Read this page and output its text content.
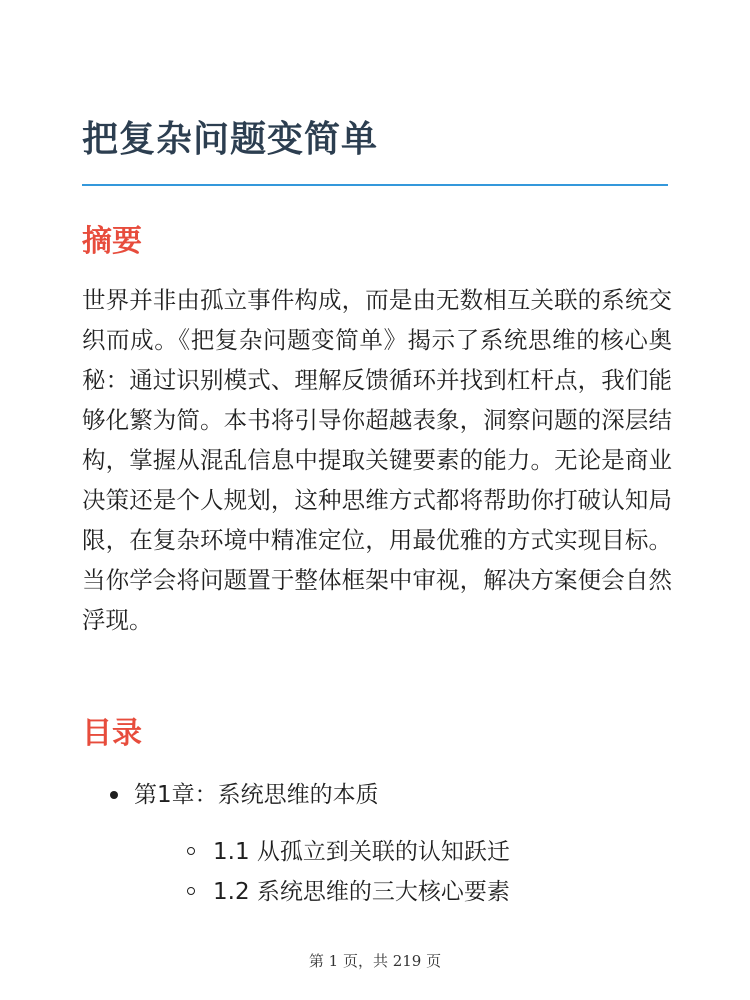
把复杂问题变简单
摘要

世界并非由孤立事件构成，而是由无数相互关联的系统交织而成。《把复杂问题变简单》揭示了系统思维的核心奥秘：通过识别模式、理解反馈循环并找到杠杆点，我们能够化繁为简。本书将引导你超越表象，洞察问题的深层结构，掌握从混乱信息中提取关键要素的能力。无论是商业决策还是个人规划，这种思维方式都将帮助你打破认知局限，在复杂环境中精准定位，用最优雅的方式实现目标。当你学会将问题置于整体框架中审视，解决方案便会自然浮现。

目录
第1章：系统思维的本质
1.1 从孤立到关联的认知跃迁
1.2 系统思维的三大核心要素
第 1 页，共 219 页
